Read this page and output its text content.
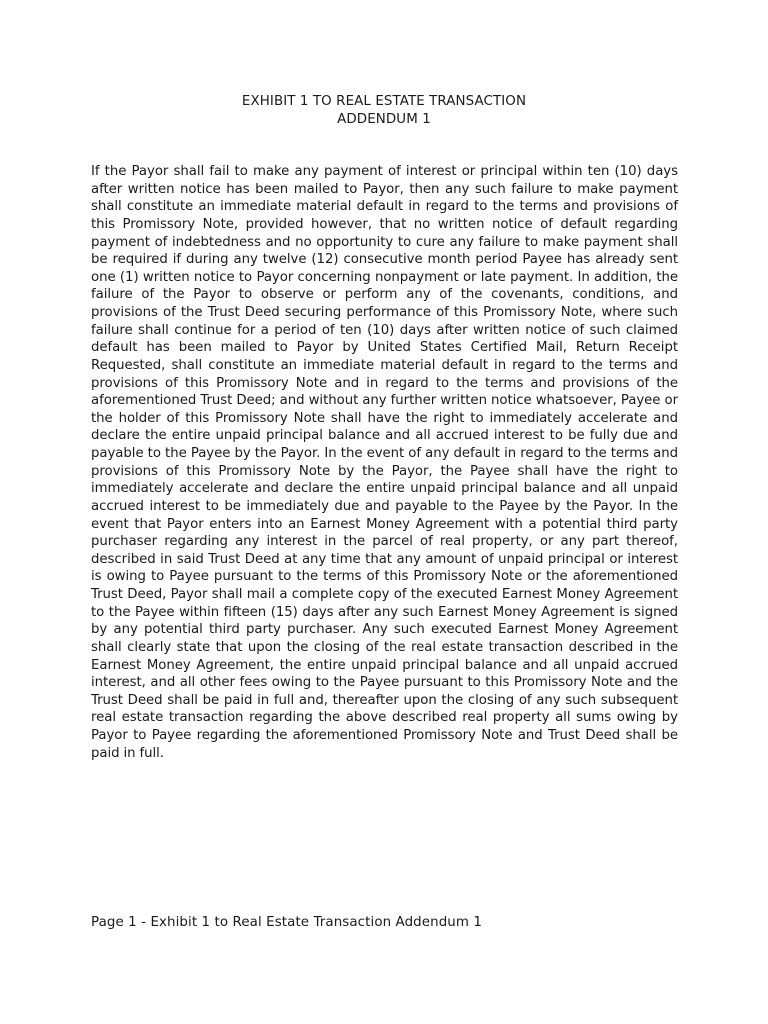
EXHIBIT 1 TO REAL ESTATE TRANSACTION
ADDENDUM 1

If the Payor shall fail to make any payment of interest or principal within ten (10) days after written notice has been mailed to Payor, then any such failure to make payment shall constitute an immediate material default in regard to the terms and provisions of this Promissory Note, provided however, that no written notice of default regarding payment of indebtedness and no opportunity to cure any failure to make payment shall be required if during any twelve (12) consecutive month period Payee has already sent one (1) written notice to Payor concerning nonpayment or late payment. In addition, the failure of the Payor to observe or perform any of the covenants, conditions, and provisions of the Trust Deed securing performance of this Promissory Note, where such failure shall continue for a period of ten (10) days after written notice of such claimed default has been mailed to Payor by United States Certified Mail, Return Receipt Requested, shall constitute an immediate material default in regard to the terms and provisions of this Promissory Note and in regard to the terms and provisions of the aforementioned Trust Deed; and without any further written notice whatsoever, Payee or the holder of this Promissory Note shall have the right to immediately accelerate and declare the entire unpaid principal balance and all accrued interest to be fully due and payable to the Payee by the Payor. In the event of any default in regard to the terms and provisions of this Promissory Note by the Payor, the Payee shall have the right to immediately accelerate and declare the entire unpaid principal balance and all unpaid accrued interest to be immediately due and payable to the Payee by the Payor. In the event that Payor enters into an Earnest Money Agreement with a potential third party purchaser regarding any interest in the parcel of real property, or any part thereof, described in said Trust Deed at any time that any amount of unpaid principal or interest is owing to Payee pursuant to the terms of this Promissory Note or the aforementioned Trust Deed, Payor shall mail a complete copy of the executed Earnest Money Agreement to the Payee within fifteen (15) days after any such Earnest Money Agreement is signed by any potential third party purchaser. Any such executed Earnest Money Agreement shall clearly state that upon the closing of the real estate transaction described in the Earnest Money Agreement, the entire unpaid principal balance and all unpaid accrued interest, and all other fees owing to the Payee pursuant to this Promissory Note and the Trust Deed shall be paid in full and, thereafter upon the closing of any such subsequent real estate transaction regarding the above described real property all sums owing by Payor to Payee regarding the aforementioned Promissory Note and Trust Deed shall be paid in full.

Page 1 - Exhibit 1 to Real Estate Transaction Addendum 1
